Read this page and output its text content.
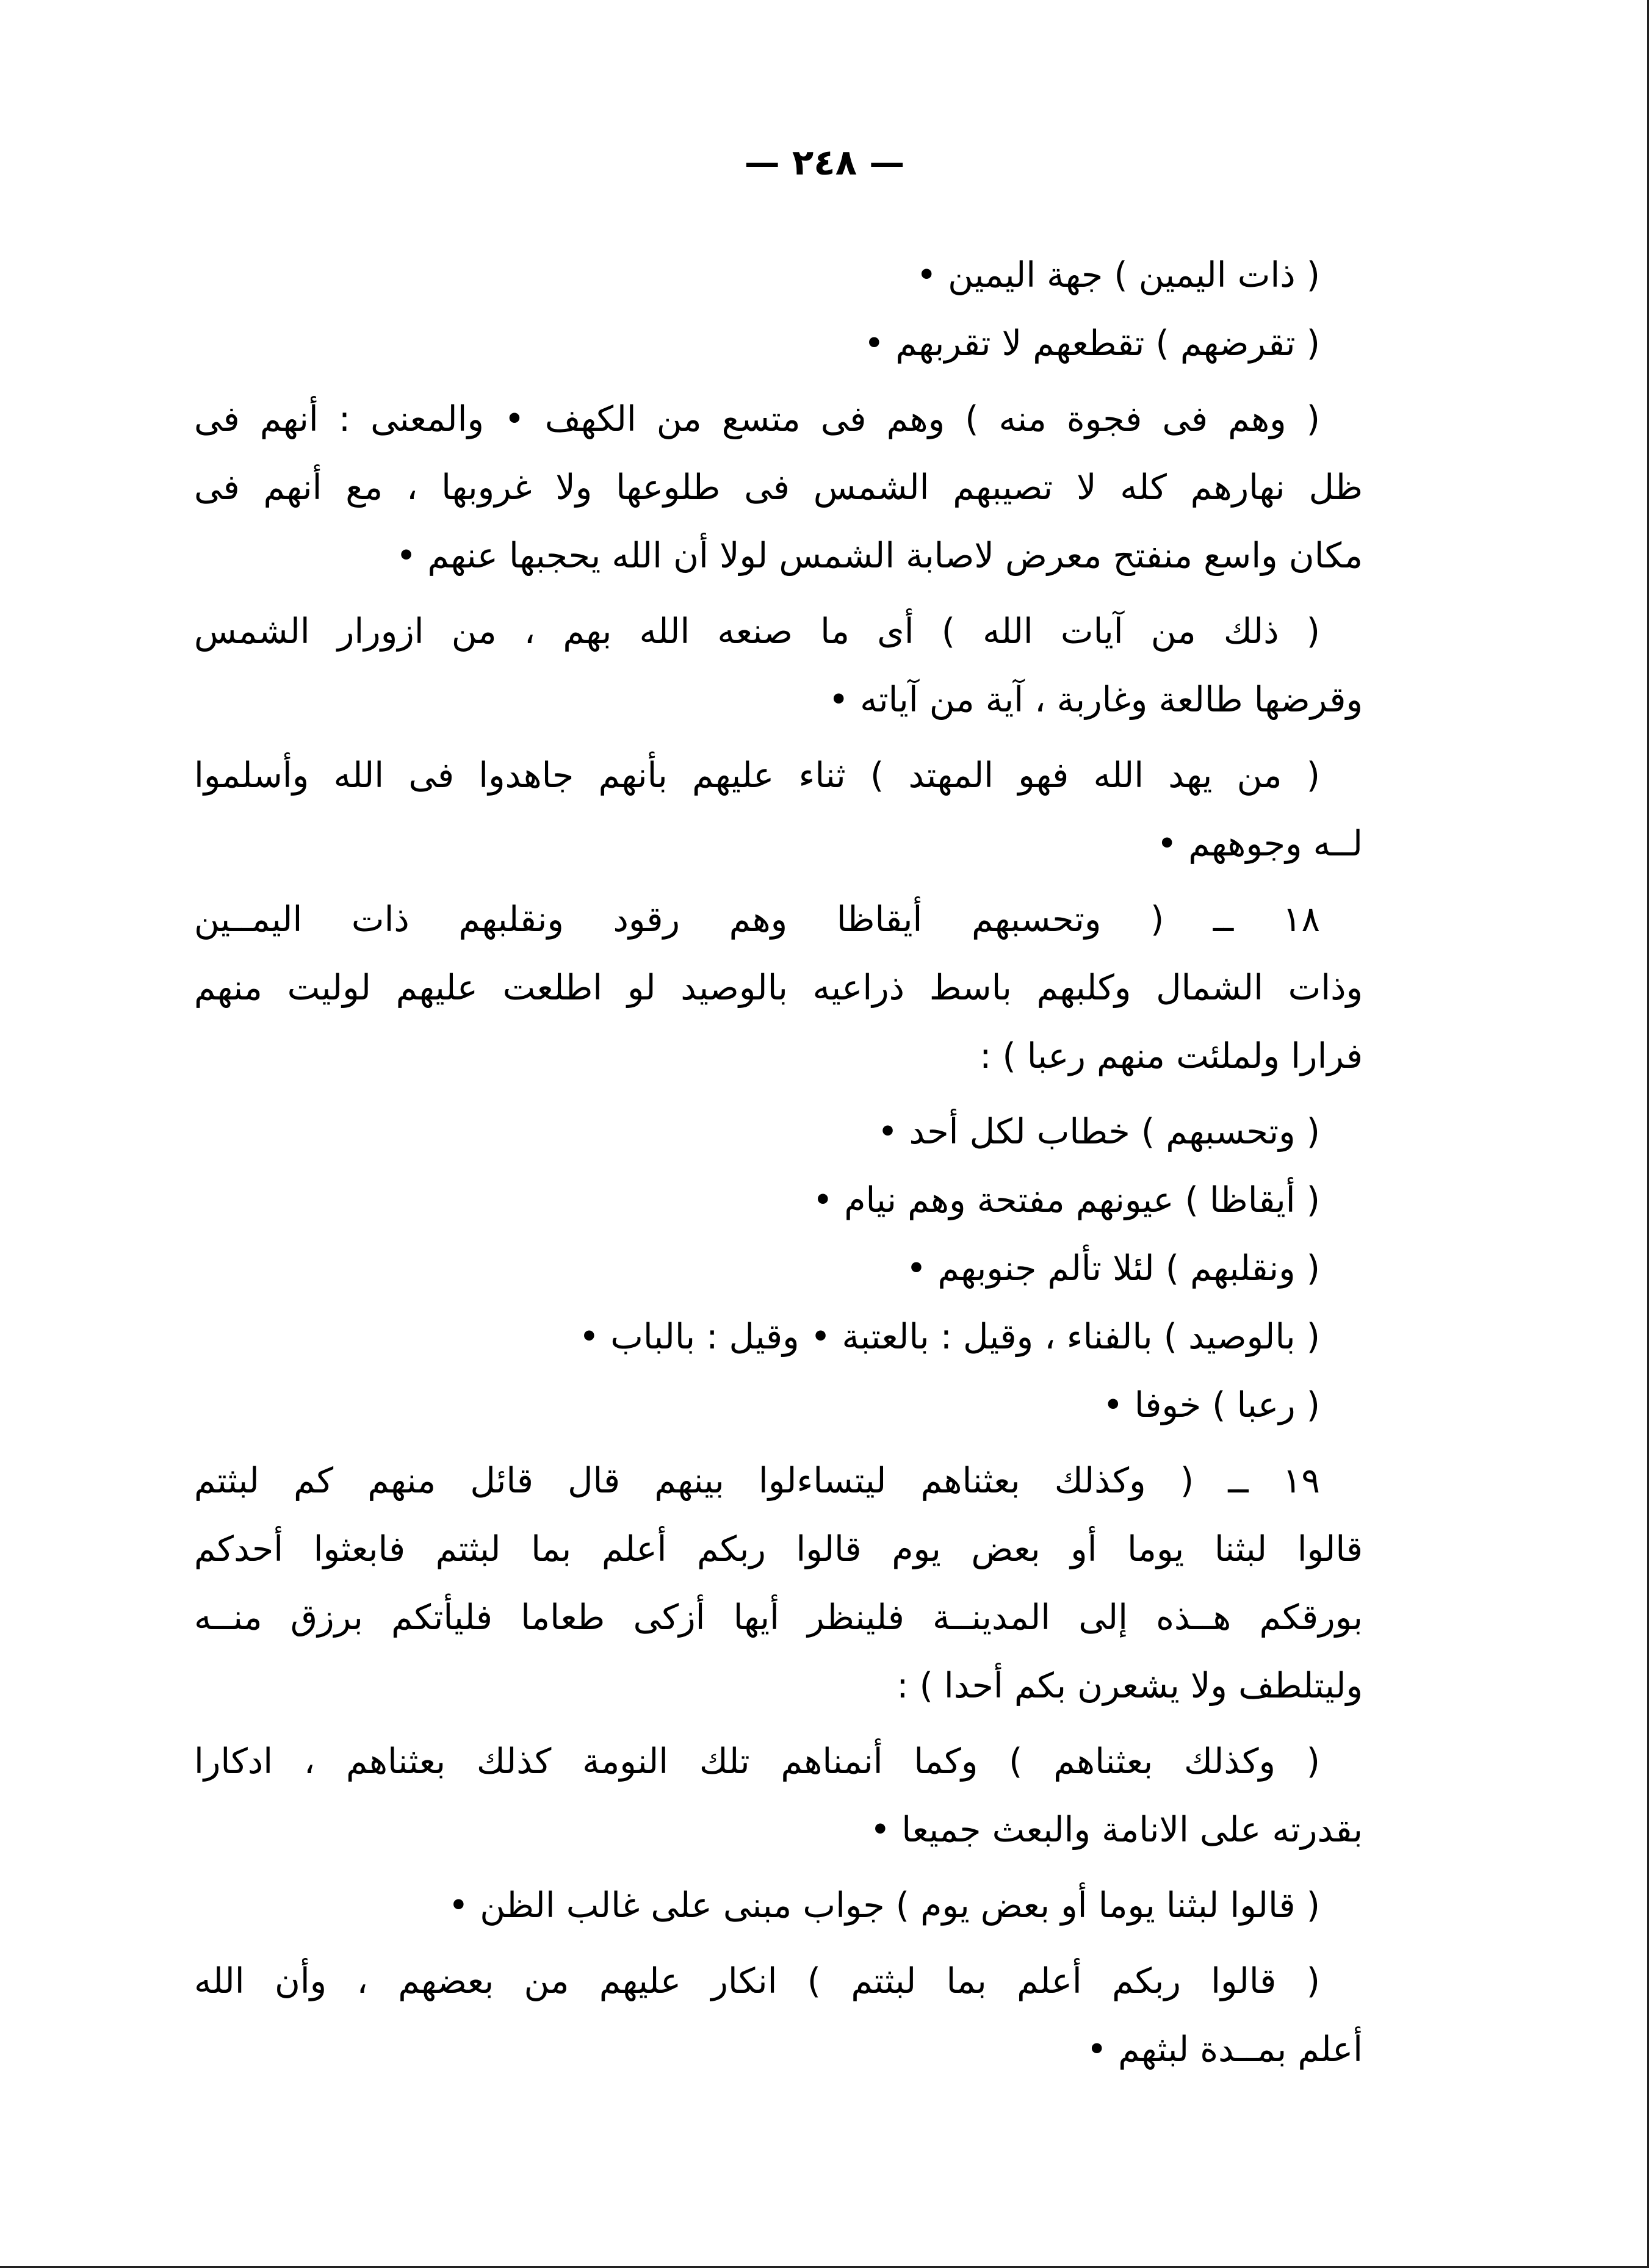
— ٢٤٨ —
( ذات اليمين ) جهة اليمين •
( تقرضهم ) تقطعهم لا تقربهم •
( وهم فى فجوة منه ) وهم فى متسع من الكهف • والمعنى : أنهم فى
ظل نهارهم كله لا تصيبهم الشمس فى طلوعها ولا غروبها ، مع أنهم فى
مكان واسع منفتح معرض لاصابة الشمس لولا أن الله يحجبها عنهم •
( ذلك من آيات الله ) أى ما صنعه الله بهم ، من ازورار الشمس
وقرضها طالعة وغاربة ، آية من آياته •
( من يهد الله فهو المهتد ) ثناء عليهم بأنهم جاهدوا فى الله وأسلموا
لــه وجوههم •
١٨ ــ ( وتحسبهم أيقاظا وهم رقود ونقلبهم ذات اليمــين
وذات الشمال وكلبهم باسط ذراعيه بالوصيد لو اطلعت عليهم لوليت منهم
فرارا ولملئت منهم رعبا ) :
( وتحسبهم ) خطاب لكل أحد •
( أيقاظا ) عيونهم مفتحة وهم نيام •
( ونقلبهم ) لئلا تألم جنوبهم •
( بالوصيد ) بالفناء ، وقيل : بالعتبة • وقيل : بالباب •
( رعبا ) خوفا •
١٩ ــ ( وكذلك بعثناهم ليتساءلوا بينهم قال قائل منهم كم لبثتم
قالوا لبثنا يوما أو بعض يوم قالوا ربكم أعلم بما لبثتم فابعثوا أحدكم
بورقكم هــذه إلى المدينــة فلينظر أيها أزكى طعاما فليأتكم برزق منــه
وليتلطف ولا يشعرن بكم أحدا ) :
( وكذلك بعثناهم ) وكما أنمناهم تلك النومة كذلك بعثناهم ، ادكارا
بقدرته على الانامة والبعث جميعا •
( قالوا لبثنا يوما أو بعض يوم ) جواب مبنى على غالب الظن •
( قالوا ربكم أعلم بما لبثتم ) انكار عليهم من بعضهم ، وأن الله
أعلم بمــدة لبثهم •
